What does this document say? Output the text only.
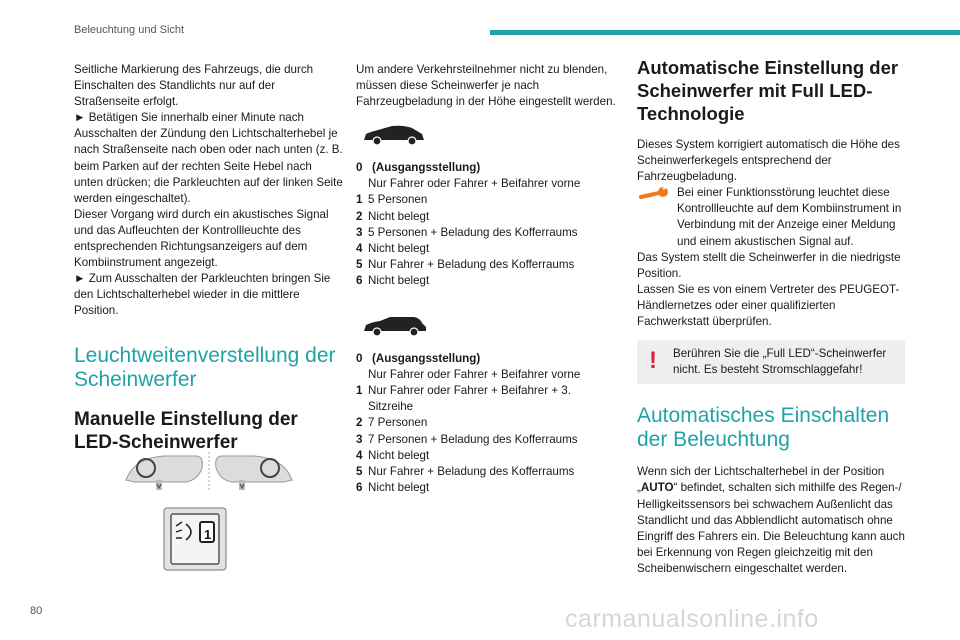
Beleuchtung und Sicht

Seitliche Markierung des Fahrzeugs, die durch Einschalten des Standlichts nur auf der Straßenseite erfolgt.

► Betätigen Sie innerhalb einer Minute nach Ausschalten der Zündung den Lichtschalterhebel je nach Straßenseite nach oben oder nach unten (z. B. beim Parken auf der rechten Seite Hebel nach unten drücken; die Parkleuchten auf der linken Seite werden eingeschaltet).

Dieser Vorgang wird durch ein akustisches Signal und das Aufleuchten der Kontrollleuchte des entsprechenden Richtungsanzeigers auf dem Kombiinstrument angezeigt.

► Zum Ausschalten der Parkleuchten bringen Sie den Lichtschalterhebel wieder in die mittlere Position.

Leuchtweitenverstellung der Scheinwerfer
Manuelle Einstellung der LED-Scheinwerfer
1

Um andere Verkehrsteilnehmer nicht zu blenden, müssen diese Scheinwerfer je nach Fahrzeugbeladung in der Höhe eingestellt werden.

0 (Ausgangsstellung)
Nur Fahrer oder Fahrer + Beifahrer vorne
1 5 Personen
2 Nicht belegt
3 5 Personen + Beladung des Kofferraums
4 Nicht belegt
5 Nur Fahrer + Beladung des Kofferraums
6 Nicht belegt
0 (Ausgangsstellung)
Nur Fahrer oder Fahrer + Beifahrer vorne
1 Nur Fahrer oder Fahrer + Beifahrer + 3. Sitzreihe
2 7 Personen
3 7 Personen + Beladung des Kofferraums
4 Nicht belegt
5 Nur Fahrer + Beladung des Kofferraums
6 Nicht belegt
Automatische Einstellung der Scheinwerfer mit Full LED-Technologie

Dieses System korrigiert automatisch die Höhe des Scheinwerferkegels entsprechend der Fahrzeugbeladung.

Bei einer Funktionsstörung leuchtet diese Kontrollleuchte auf dem Kombiinstrument in Verbindung mit der Anzeige einer Meldung und einem akustischen Signal auf.

Das System stellt die Scheinwerfer in die niedrigste Position.

Lassen Sie es von einem Vertreter des PEUGEOT-Händlernetzes oder einer qualifizierten Fachwerkstatt überprüfen.

!	Berühren Sie die „Full LED“-Scheinwerfer nicht. Es besteht Stromschlaggefahr!

Automatisches Einschalten der Beleuchtung

Wenn sich der Lichtschalterhebel in der Position „AUTO“ befindet, schalten sich mithilfe des Regen-/ Helligkeitssensors bei schwachem Außenlicht das Standlicht und das Abblendlicht automatisch ohne Eingriff des Fahrers ein. Die Beleuchtung kann auch bei Erkennung von Regen gleichzeitig mit den Scheibenwischern eingeschaltet werden.

80	carmanualsonline.info
